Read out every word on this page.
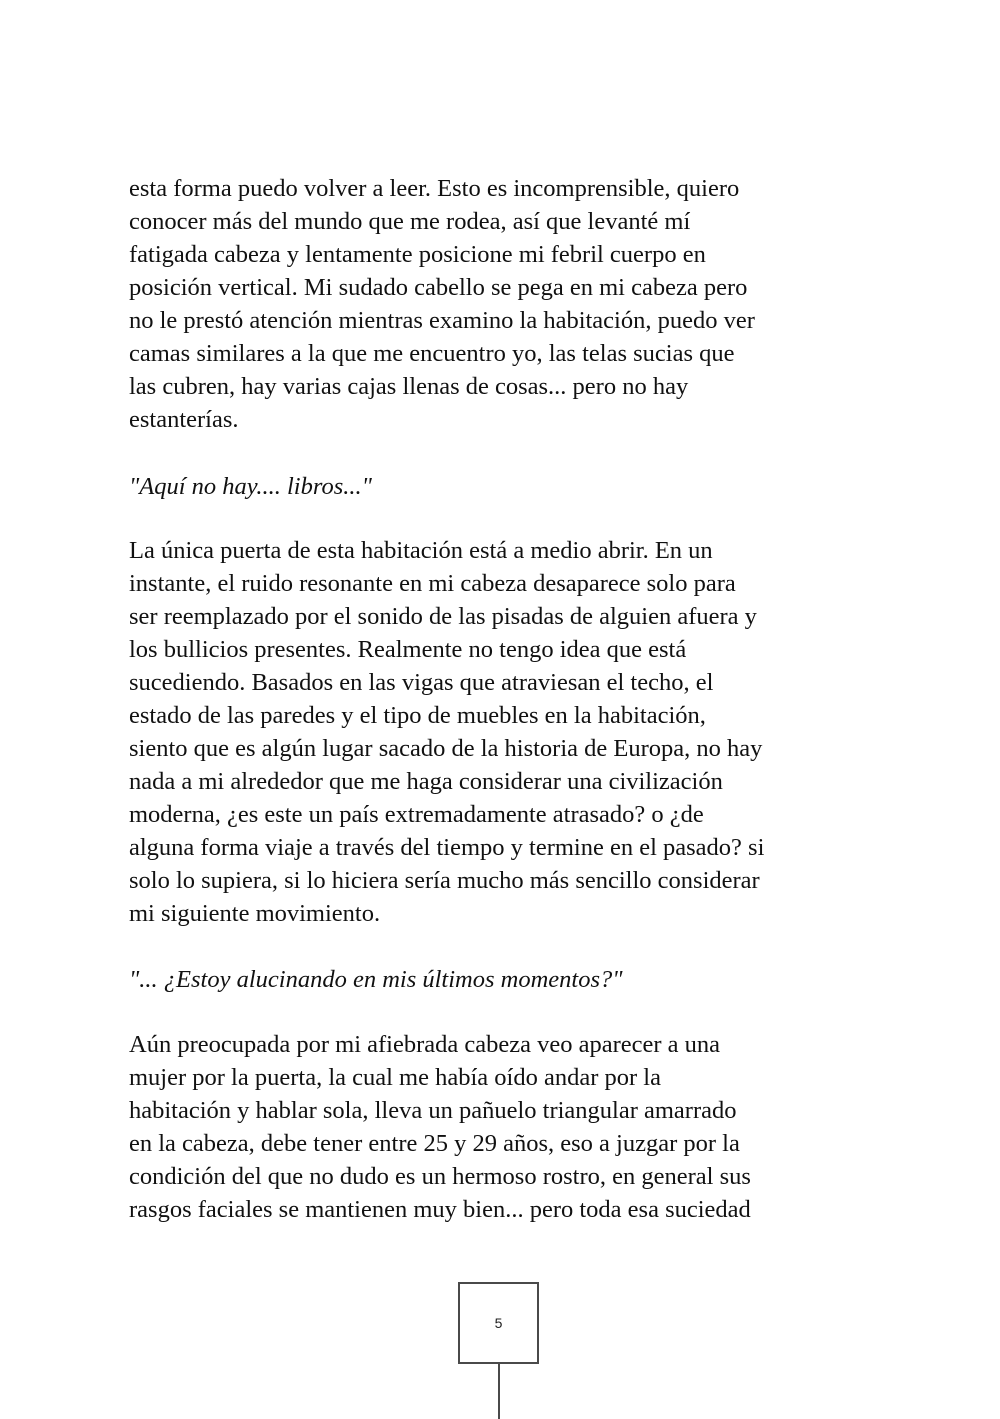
esta forma puedo volver a leer. Esto es incomprensible, quiero
conocer más del mundo que me rodea, así que levanté mí
fatigada cabeza y lentamente posicione mi febril cuerpo en
posición vertical. Mi sudado cabello se pega en mi cabeza pero
no le prestó atención mientras examino la habitación, puedo ver
camas similares a la que me encuentro yo, las telas sucias que
las cubren, hay varias cajas llenas de cosas... pero no hay
estanterías.
"Aquí no hay.... libros..."
La única puerta de esta habitación está a medio abrir. En un
instante, el ruido resonante en mi cabeza desaparece solo para
ser reemplazado por el sonido de las pisadas de alguien afuera y
los bullicios presentes. Realmente no tengo idea que está
sucediendo. Basados en las vigas que atraviesan el techo, el
estado de las paredes y el tipo de muebles en la habitación,
siento que es algún lugar sacado de la historia de Europa, no hay
nada a mi alrededor que me haga considerar una civilización
moderna, ¿es este un país extremadamente atrasado? o ¿de
alguna forma viaje a través del tiempo y termine en el pasado? si
solo lo supiera, si lo hiciera sería mucho más sencillo considerar
mi siguiente movimiento.
"... ¿Estoy alucinando en mis últimos momentos?"
Aún preocupada por mi afiebrada cabeza veo aparecer a una
mujer por la puerta, la cual me había oído andar por la
habitación y hablar sola, lleva un pañuelo triangular amarrado
en la cabeza, debe tener entre 25 y 29 años, eso a juzgar por la
condición del que no dudo es un hermoso rostro, en general sus
rasgos faciales se mantienen muy bien... pero toda esa suciedad
5
